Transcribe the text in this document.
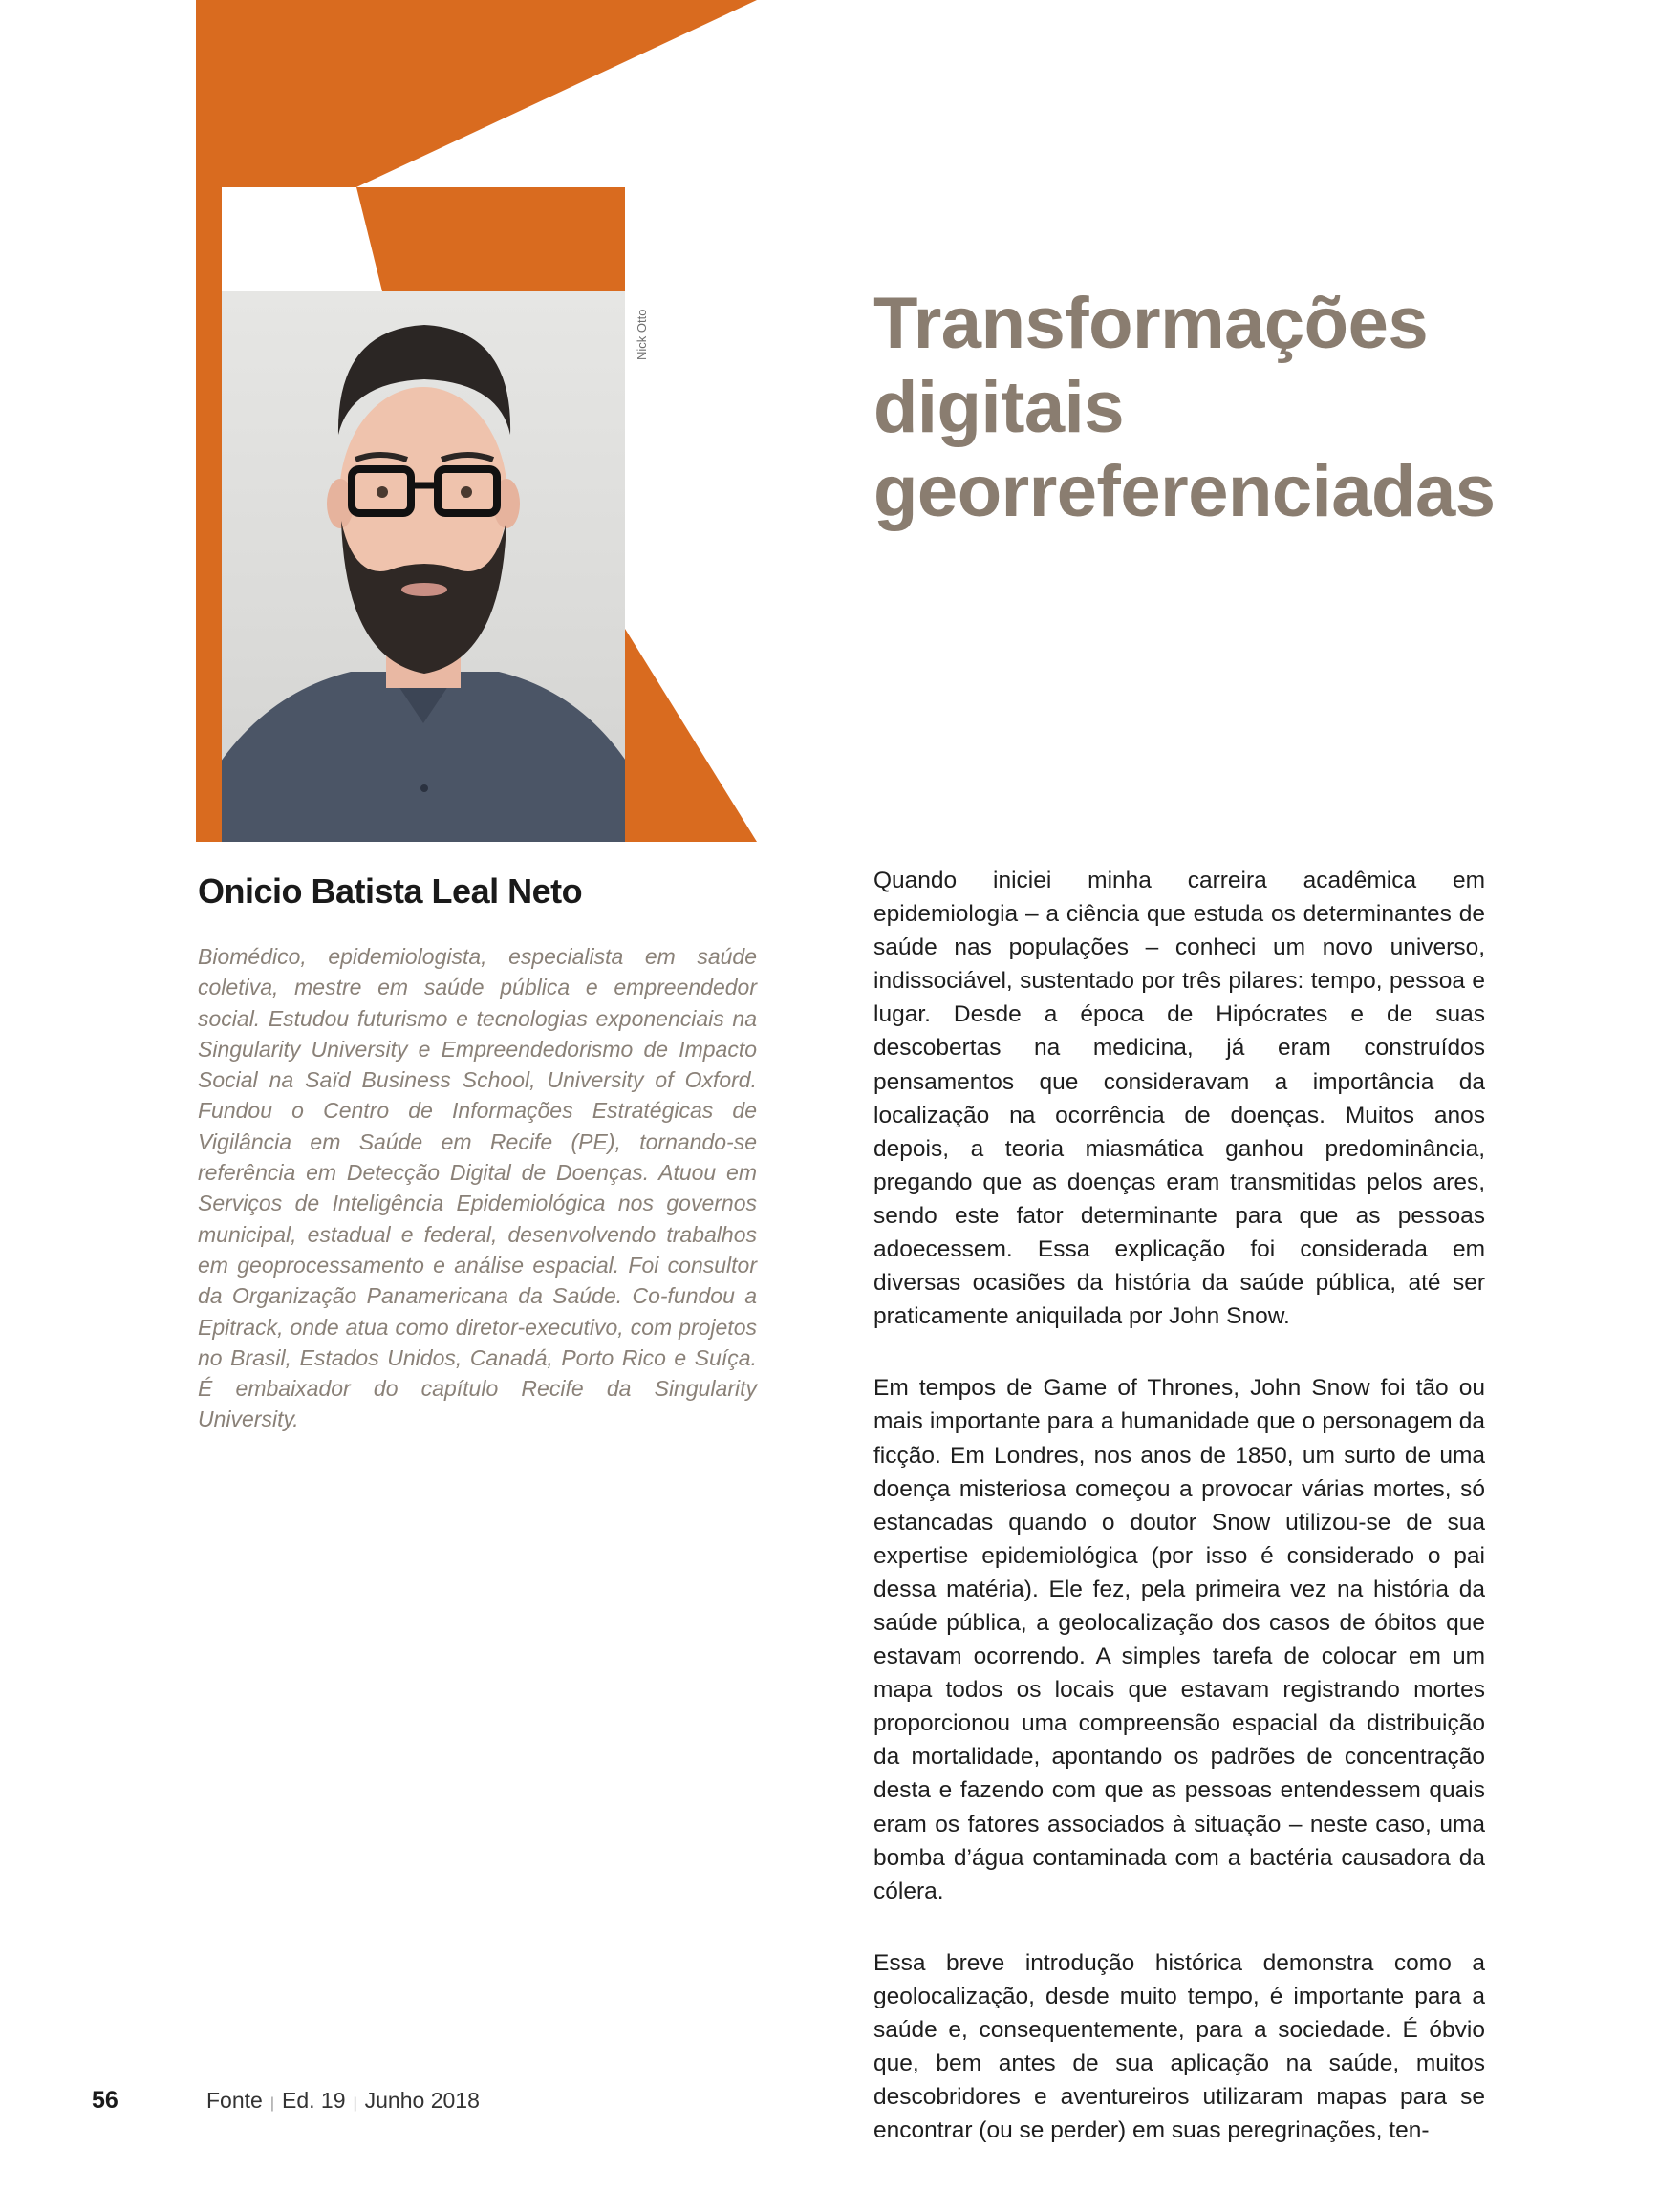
Nick Otto	Transformações
digitais
georreferenciadas
Onicio Batista Leal Neto

Biomédico, epidemiologista, especialista em saúde coletiva, mestre em saúde pública e empreendedor social. Estudou futurismo e tecnologias exponenciais na Singularity University e Empreendedorismo de Impacto Social na Saïd Business School, University of Oxford. Fundou o Centro de Informações Estratégicas de Vigilância em Saúde em Recife (PE), tornando-se referência em Detecção Digital de Doenças. Atuou em Serviços de Inteligência Epidemiológica nos governos municipal, estadual e federal, desenvolvendo trabalhos em geoprocessamento e análise espacial. Foi consultor da Organização Panamericana da Saúde. Co-fundou a Epitrack, onde atua como diretor-executivo, com projetos no Brasil, Estados Unidos, Canadá, Porto Rico e Suíça. É embaixador do capítulo Recife da Singularity University.

Quando iniciei minha carreira acadêmica em epidemiologia – a ciência que estuda os determinantes de saúde nas populações – conheci um novo universo, indissociável, sustentado por três pilares: tempo, pessoa e lugar. Desde a época de Hipócrates e de suas descobertas na medicina, já eram construídos pensamentos que consideravam a importância da localização na ocorrência de doenças. Muitos anos depois, a teoria miasmática ganhou predominância, pregando que as doenças eram transmitidas pelos ares, sendo este fator determinante para que as pessoas adoecessem. Essa explicação foi considerada em diversas ocasiões da história da saúde pública, até ser praticamente aniquilada por John Snow.

Em tempos de Game of Thrones, John Snow foi tão ou mais importante para a humanidade que o personagem da ficção. Em Londres, nos anos de 1850, um surto de uma doença misteriosa começou a provocar várias mortes, só estancadas quando o doutor Snow utilizou-se de sua expertise epidemiológica (por isso é considerado o pai dessa matéria). Ele fez, pela primeira vez na história da saúde pública, a geolocalização dos casos de óbitos que estavam ocorrendo. A simples tarefa de colocar em um mapa todos os locais que estavam registrando mortes proporcionou uma compreensão espacial da distribuição da mortalidade, apontando os padrões de concentração desta e fazendo com que as pessoas entendessem quais eram os fatores associados à situação – neste caso, uma bomba d’água contaminada com a bactéria causadora da cólera.

Essa breve introdução histórica demonstra como a geolocalização, desde muito tempo, é importante para a saúde e, consequentemente, para a sociedade. É óbvio que, bem antes de sua aplicação na saúde, muitos descobridores e aventureiros utilizaram mapas para se encontrar (ou se perder) em suas peregrinações, ten-

56	Fonte | Ed. 19 | Junho 2018
